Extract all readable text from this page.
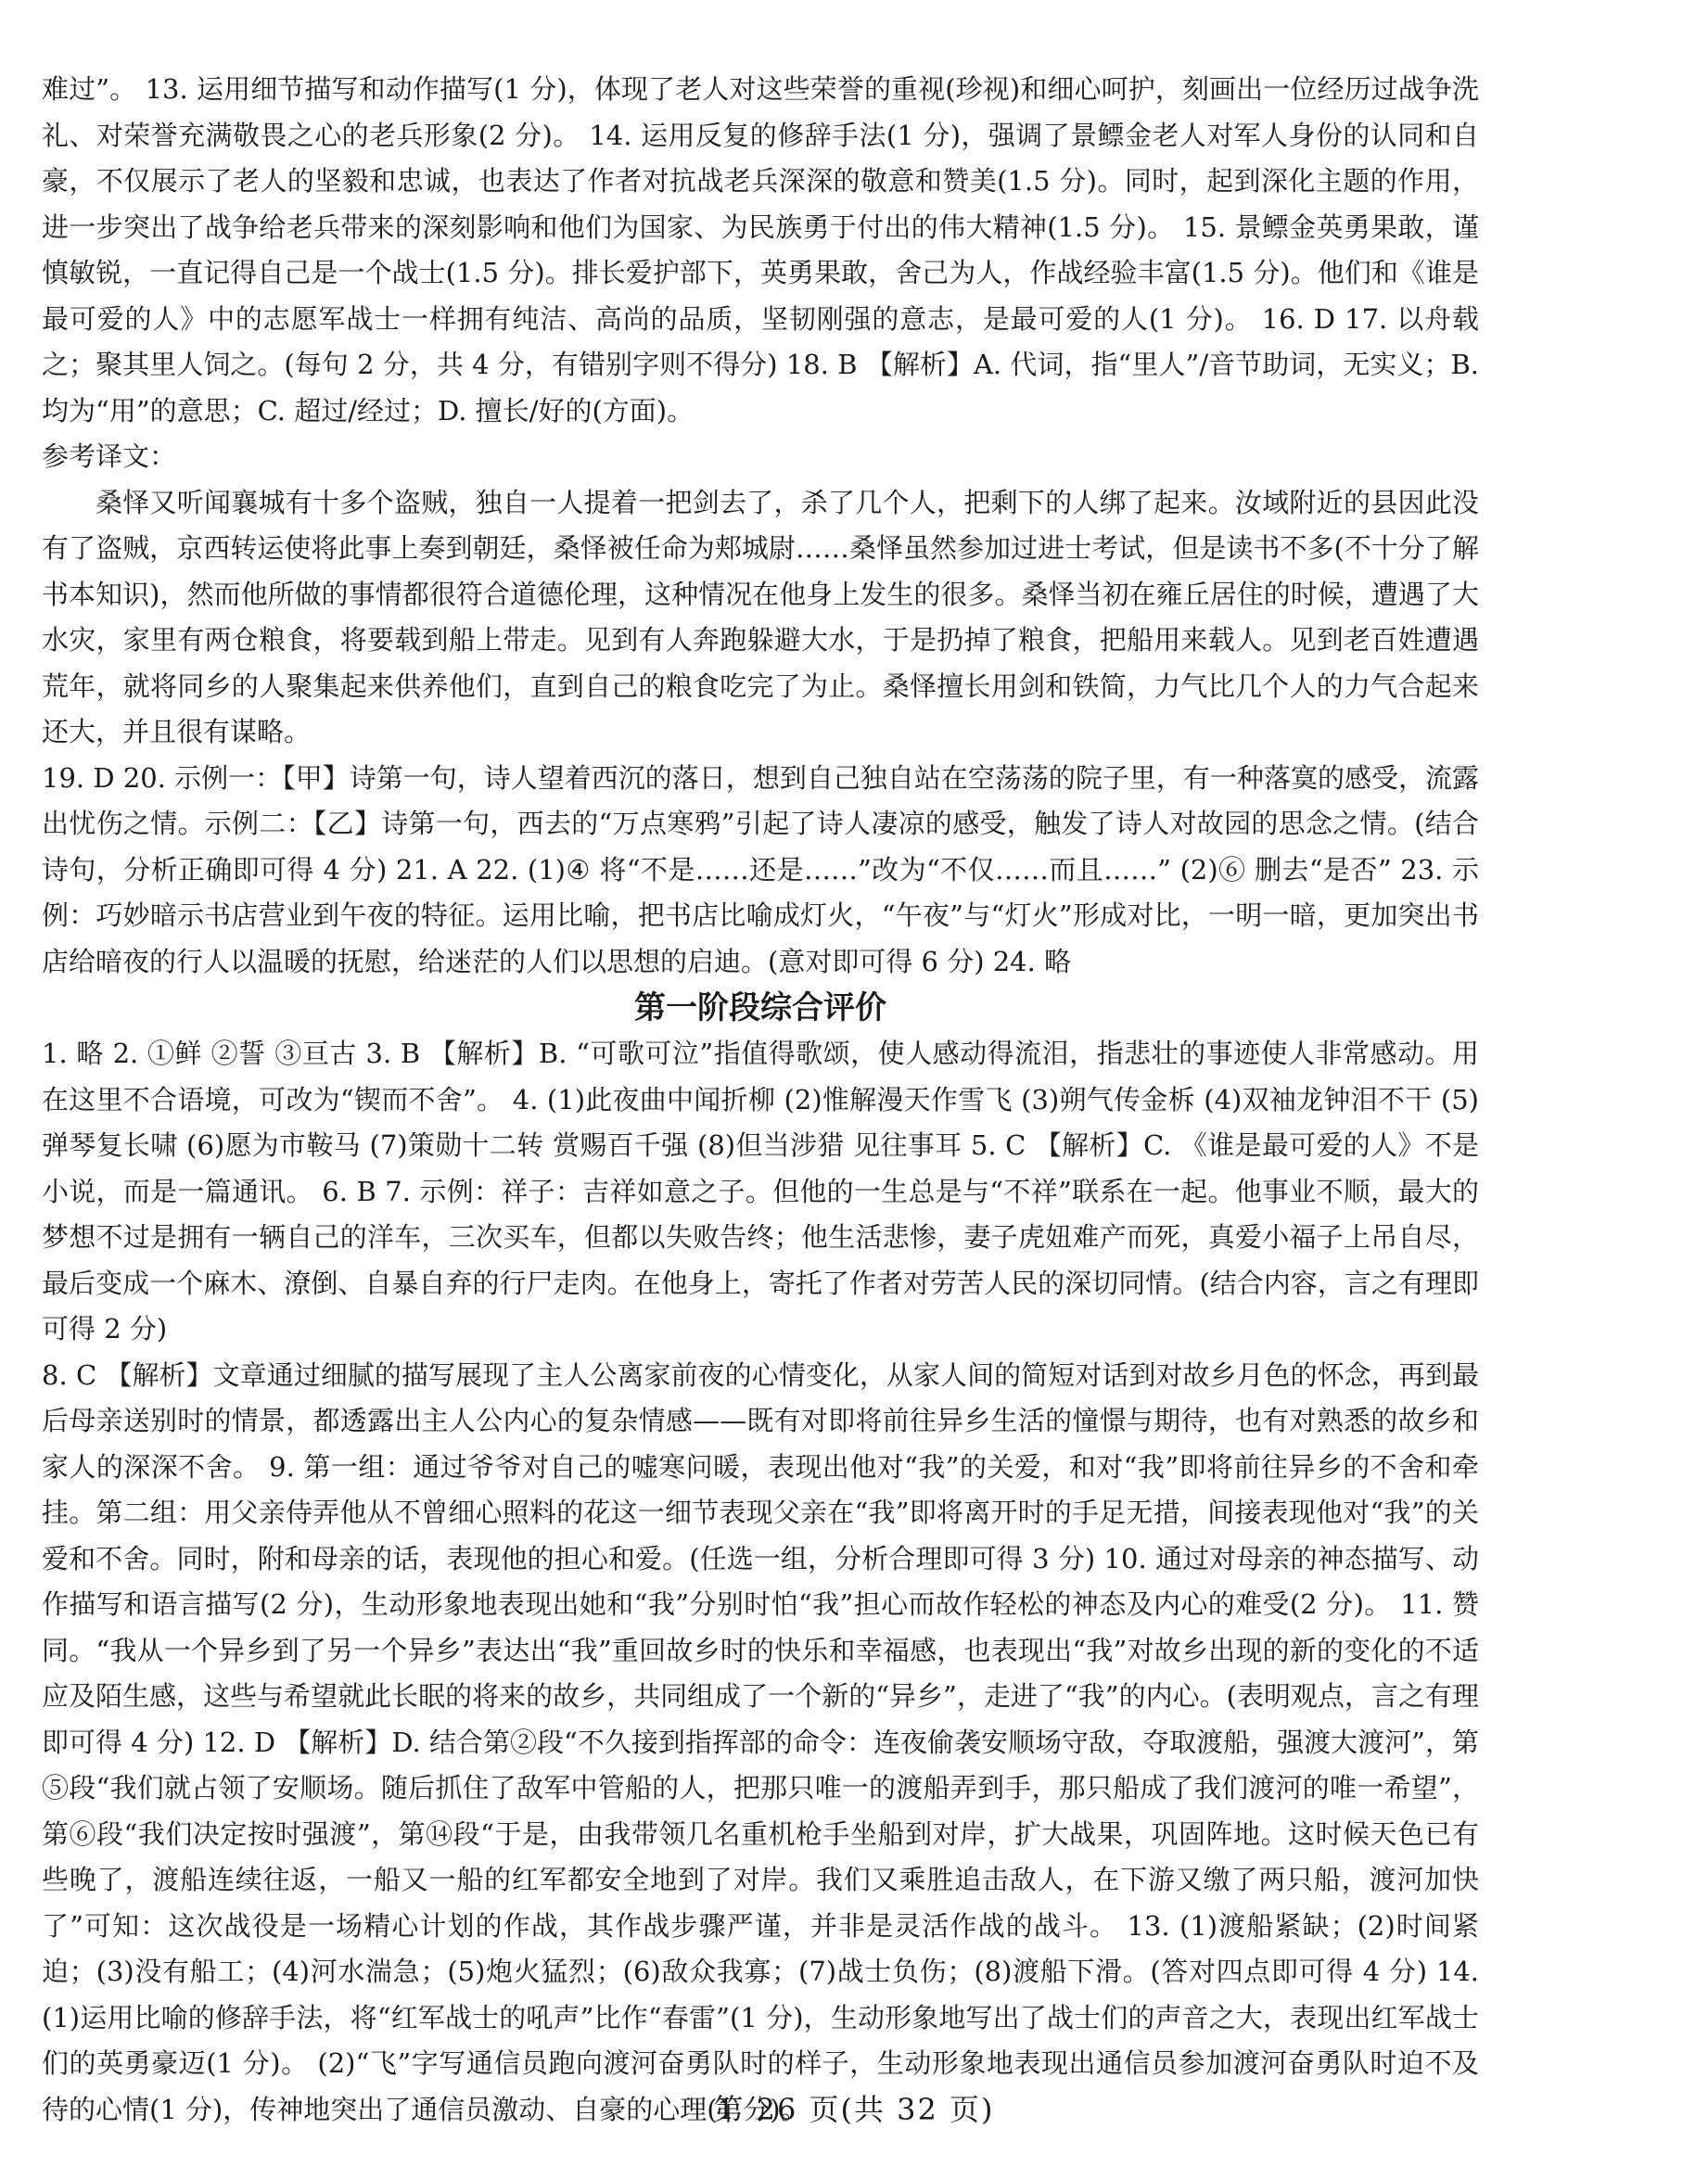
难过”。 13. 运用细节描写和动作描写(1 分)，体现了老人对这些荣誉的重视(珍视)和细心呵护，刻画出一位经历过战争洗礼、对荣誉充满敬畏之心的老兵形象(2 分)。 14. 运用反复的修辞手法(1 分)，强调了景鳔金老人对军人身份的认同和自豪，不仅展示了老人的坚毅和忠诚，也表达了作者对抗战老兵深深的敬意和赞美(1.5 分)。同时，起到深化主题的作用，进一步突出了战争给老兵带来的深刻影响和他们为国家、为民族勇于付出的伟大精神(1.5 分)。 15. 景鳔金英勇果敢，谨慎敏锐，一直记得自己是一个战士(1.5 分)。排长爱护部下，英勇果敢，舍己为人，作战经验丰富(1.5 分)。他们和《谁是最可爱的人》中的志愿军战士一样拥有纯洁、高尚的品质，坚韧刚强的意志，是最可爱的人(1 分)。 16. D 17. 以舟载之；聚其里人饲之。(每句 2 分，共 4 分，有错别字则不得分) 18. B 【解析】A. 代词，指“里人”/音节助词，无实义；B. 均为“用”的意思；C. 超过/经过；D. 擅长/好的(方面)。

参考译文：

桑怿又听闻襄城有十多个盗贼，独自一人提着一把剑去了，杀了几个人，把剩下的人绑了起来。汝域附近的县因此没有了盗贼，京西转运使将此事上奏到朝廷，桑怿被任命为郏城尉……桑怿虽然参加过进士考试，但是读书不多(不十分了解书本知识)，然而他所做的事情都很符合道德伦理，这种情况在他身上发生的很多。桑怿当初在雍丘居住的时候，遭遇了大水灾，家里有两仓粮食，将要载到船上带走。见到有人奔跑躲避大水，于是扔掉了粮食，把船用来载人。见到老百姓遭遇荒年，就将同乡的人聚集起来供养他们，直到自己的粮食吃完了为止。桑怿擅长用剑和铁简，力气比几个人的力气合起来还大，并且很有谋略。

19. D 20. 示例一：【甲】诗第一句，诗人望着西沉的落日，想到自己独自站在空荡荡的院子里，有一种落寞的感受，流露出忧伤之情。示例二：【乙】诗第一句，西去的“万点寒鸦”引起了诗人凄凉的感受，触发了诗人对故园的思念之情。(结合诗句，分析正确即可得 4 分) 21. A 22. (1)④ 将“不是……还是……”改为“不仅……而且……” (2)⑥ 删去“是否” 23. 示例：巧妙暗示书店营业到午夜的特征。运用比喻，把书店比喻成灯火，“午夜”与“灯火”形成对比，一明一暗，更加突出书店给暗夜的行人以温暖的抚慰，给迷茫的人们以思想的启迪。(意对即可得 6 分) 24. 略

第一阶段综合评价

1. 略 2. ①鲜 ②誓 ③亘古 3. B 【解析】B. “可歌可泣”指值得歌颂，使人感动得流泪，指悲壮的事迹使人非常感动。用在这里不合语境，可改为“锲而不舍”。 4. (1)此夜曲中闻折柳 (2)惟解漫天作雪飞 (3)朔气传金柝 (4)双袖龙钟泪不干 (5)弹琴复长啸 (6)愿为市鞍马 (7)策勋十二转 赏赐百千强 (8)但当涉猎 见往事耳 5. C 【解析】C. 《谁是最可爱的人》不是小说，而是一篇通讯。 6. B 7. 示例：祥子：吉祥如意之子。但他的一生总是与“不祥”联系在一起。他事业不顺，最大的梦想不过是拥有一辆自己的洋车，三次买车，但都以失败告终；他生活悲惨，妻子虎妞难产而死，真爱小福子上吊自尽，最后变成一个麻木、潦倒、自暴自弃的行尸走肉。在他身上，寄托了作者对劳苦人民的深切同情。(结合内容，言之有理即可得 2 分)

8. C 【解析】文章通过细腻的描写展现了主人公离家前夜的心情变化，从家人间的简短对话到对故乡月色的怀念，再到最后母亲送别时的情景，都透露出主人公内心的复杂情感——既有对即将前往异乡生活的憧憬与期待，也有对熟悉的故乡和家人的深深不舍。 9. 第一组：通过爷爷对自己的嘘寒问暖，表现出他对“我”的关爱，和对“我”即将前往异乡的不舍和牵挂。第二组：用父亲侍弄他从不曾细心照料的花这一细节表现父亲在“我”即将离开时的手足无措，间接表现他对“我”的关爱和不舍。同时，附和母亲的话，表现他的担心和爱。(任选一组，分析合理即可得 3 分) 10. 通过对母亲的神态描写、动作描写和语言描写(2 分)，生动形象地表现出她和“我”分别时怕“我”担心而故作轻松的神态及内心的难受(2 分)。 11. 赞同。“我从一个异乡到了另一个异乡”表达出“我”重回故乡时的快乐和幸福感，也表现出“我”对故乡出现的新的变化的不适应及陌生感，这些与希望就此长眠的将来的故乡，共同组成了一个新的“异乡”，走进了“我”的内心。(表明观点，言之有理即可得 4 分) 12. D 【解析】D. 结合第②段“不久接到指挥部的命令：连夜偷袭安顺场守敌，夺取渡船，强渡大渡河”，第⑤段“我们就占领了安顺场。随后抓住了敌军中管船的人，把那只唯一的渡船弄到手，那只船成了我们渡河的唯一希望”，第⑥段“我们决定按时强渡”，第⑭段“于是，由我带领几名重机枪手坐船到对岸，扩大战果，巩固阵地。这时候天色已有些晚了，渡船连续往返，一船又一船的红军都安全地到了对岸。我们又乘胜追击敌人，在下游又缴了两只船，渡河加快了”可知：这次战役是一场精心计划的作战，其作战步骤严谨，并非是灵活作战的战斗。 13. (1)渡船紧缺；(2)时间紧迫；(3)没有船工；(4)河水湍急；(5)炮火猛烈；(6)敌众我寡；(7)战士负伤；(8)渡船下滑。(答对四点即可得 4 分) 14. (1)运用比喻的修辞手法，将“红军战士的吼声”比作“春雷”(1 分)，生动形象地写出了战士们的声音之大，表现出红军战士们的英勇豪迈(1 分)。 (2)“飞”字写通信员跑向渡河奋勇队时的样子，生动形象地表现出通信员参加渡河奋勇队时迫不及待的心情(1 分)，传神地突出了通信员激动、自豪的心理(1 分)。

第 26 页(共 32 页)
